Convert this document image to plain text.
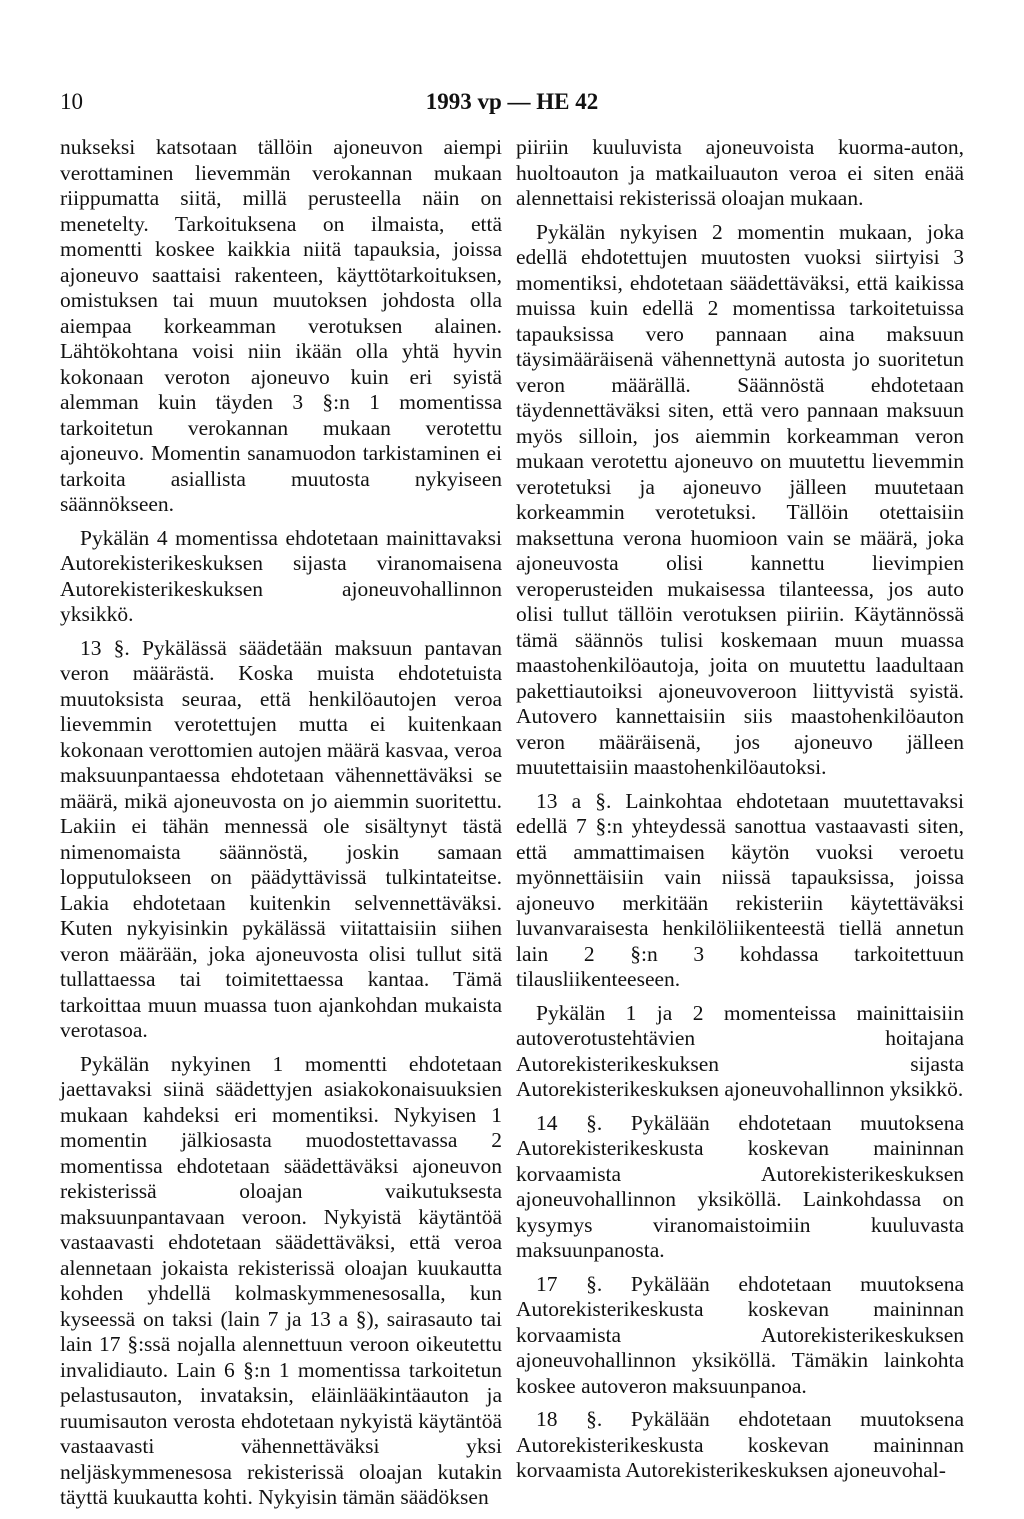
10	1993 vp — HE 42

nukseksi katsotaan tällöin ajoneuvon aiempi verottaminen lievemmän verokannan mukaan riippumatta siitä, millä perusteella näin on menetelty. Tarkoituksena on ilmaista, että momentti koskee kaikkia niitä tapauksia, joissa ajoneuvo saattaisi rakenteen, käyttötarkoituksen, omistuksen tai muun muutoksen johdosta olla aiempaa korkeamman verotuksen alainen. Lähtökohtana voisi niin ikään olla yhtä hyvin kokonaan veroton ajoneuvo kuin eri syistä alemman kuin täyden 3 §:n 1 momentissa tarkoitetun verokannan mukaan verotettu ajoneuvo. Momentin sanamuodon tarkistaminen ei tarkoita asiallista muutosta nykyiseen säännökseen.

Pykälän 4 momentissa ehdotetaan mainittavaksi Autorekisterikeskuksen sijasta viranomaisena Autorekisterikeskuksen ajoneuvohallinnon yksikkö.

13 §. Pykälässä säädetään maksuun pantavan veron määrästä. Koska muista ehdotetuista muutoksista seuraa, että henkilöautojen veroa lievemmin verotettujen mutta ei kuitenkaan kokonaan verottomien autojen määrä kasvaa, veroa maksuunpantaessa ehdotetaan vähennettäväksi se määrä, mikä ajoneuvosta on jo aiemmin suoritettu. Lakiin ei tähän mennessä ole sisältynyt tästä nimenomaista säännöstä, joskin samaan lopputulokseen on päädyttävissä tulkintateitse. Lakia ehdotetaan kuitenkin selvennettäväksi. Kuten nykyisinkin pykälässä viitattaisiin siihen veron määrään, joka ajoneuvosta olisi tullut sitä tullattaessa tai toimitettaessa kantaa. Tämä tarkoittaa muun muassa tuon ajankohdan mukaista verotasoa.

Pykälän nykyinen 1 momentti ehdotetaan jaettavaksi siinä säädettyjen asiakokonaisuuksien mukaan kahdeksi eri momentiksi. Nykyisen 1 momentin jälkiosasta muodostettavassa 2 momentissa ehdotetaan säädettäväksi ajoneuvon rekisterissä oloajan vaikutuksesta maksuunpantavaan veroon. Nykyistä käytäntöä vastaavasti ehdotetaan säädettäväksi, että veroa alennetaan jokaista rekisterissä oloajan kuukautta kohden yhdellä kolmaskymmenesosalla, kun kyseessä on taksi (lain 7 ja 13 a §), sairasauto tai lain 17 §:ssä nojalla alennettuun veroon oikeutettu invalidiauto. Lain 6 §:n 1 momentissa tarkoitetun pelastusauton, invataksin, eläinlääkintäauton ja ruumisauton verosta ehdotetaan nykyistä käytäntöä vastaavasti vähennettäväksi yksi neljäskymmenesosa rekisterissä oloajan kutakin täyttä kuukautta kohti. Nykyisin tämän säädöksen

piiriin kuuluvista ajoneuvoista kuorma-auton, huoltoauton ja matkailuauton veroa ei siten enää alennettaisi rekisterissä oloajan mukaan.

Pykälän nykyisen 2 momentin mukaan, joka edellä ehdotettujen muutosten vuoksi siirtyisi 3 momentiksi, ehdotetaan säädettäväksi, että kaikissa muissa kuin edellä 2 momentissa tarkoitetuissa tapauksissa vero pannaan aina maksuun täysimääräisenä vähennettynä autosta jo suoritetun veron määrällä. Säännöstä ehdotetaan täydennettäväksi siten, että vero pannaan maksuun myös silloin, jos aiemmin korkeamman veron mukaan verotettu ajoneuvo on muutettu lievemmin verotetuksi ja ajoneuvo jälleen muutetaan korkeammin verotetuksi. Tällöin otettaisiin maksettuna verona huomioon vain se määrä, joka ajoneuvosta olisi kannettu lievimpien veroperusteiden mukaisessa tilanteessa, jos auto olisi tullut tällöin verotuksen piiriin. Käytännössä tämä säännös tulisi koskemaan muun muassa maastohenkilöautoja, joita on muutettu laadultaan pakettiautoiksi ajoneuvoveroon liittyvistä syistä. Autovero kannettaisiin siis maastohenkilöauton veron määräisenä, jos ajoneuvo jälleen muutettaisiin maastohenkilöautoksi.

13 a §. Lainkohtaa ehdotetaan muutettavaksi edellä 7 §:n yhteydessä sanottua vastaavasti siten, että ammattimaisen käytön vuoksi veroetu myönnettäisiin vain niissä tapauksissa, joissa ajoneuvo merkitään rekisteriin käytettäväksi luvanvaraisesta henkilöliikenteestä tiellä annetun lain 2 §:n 3 kohdassa tarkoitettuun tilausliikenteeseen.

Pykälän 1 ja 2 momenteissa mainittaisiin autoverotustehtävien hoitajana Autorekisterikeskuksen sijasta Autorekisterikeskuksen ajoneuvohallinnon yksikkö.

14 §. Pykälään ehdotetaan muutoksena Autorekisterikeskusta koskevan maininnan korvaamista Autorekisterikeskuksen ajoneuvohallinnon yksiköllä. Lainkohdassa on kysymys viranomaistoimiin kuuluvasta maksuunpanosta.

17 §. Pykälään ehdotetaan muutoksena Autorekisterikeskusta koskevan maininnan korvaamista Autorekisterikeskuksen ajoneuvohallinnon yksiköllä. Tämäkin lainkohta koskee autoveron maksuunpanoa.

18 §. Pykälään ehdotetaan muutoksena Autorekisterikeskusta koskevan maininnan korvaamista Autorekisterikeskuksen ajoneuvohal-
